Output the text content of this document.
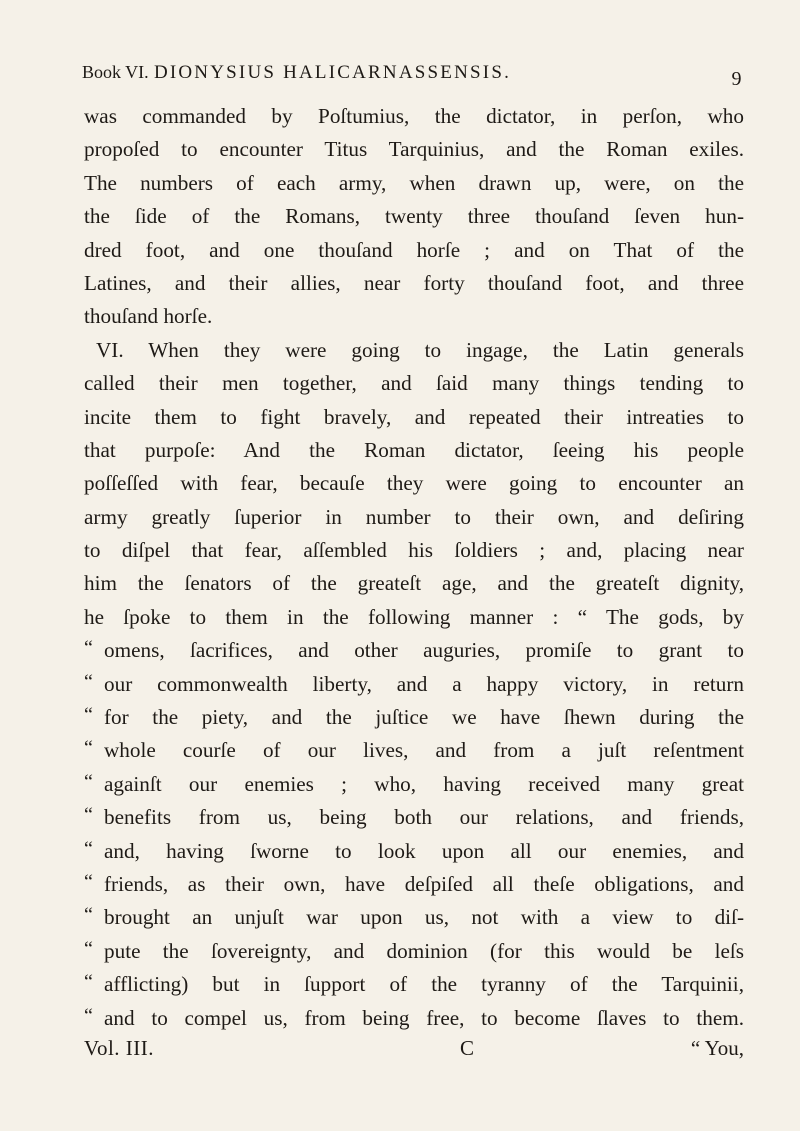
Book VI. DIONYSIUS HALICARNASSENSIS.	9
was commanded by Poſtumius, the dictator, in perſon, who
propoſed to encounter Titus Tarquinius, and the Roman exiles.
The numbers of each army, when drawn up, were, on the
the ſide of the Romans, twenty three thouſand ſeven hun-
dred foot, and one thouſand horſe ; and on That of the
Latines, and their allies, near forty thouſand foot, and three
thouſand horſe.
VI. When they were going to ingage, the Latin generals
called their men together, and ſaid many things tending to
incite them to fight bravely, and repeated their intreaties to
that purpoſe: And the Roman dictator, ſeeing his people
poſſeſſed with fear, becauſe they were going to encounter an
army greatly ſuperior in number to their own, and deſiring
to diſpel that fear, aſſembled his ſoldiers ; and, placing near
him the ſenators of the greateſt age, and the greateſt dignity,
he ſpoke to them in the following manner : “ The gods, by
“ omens, ſacrifices, and other auguries, promiſe to grant to
“ our commonwealth liberty, and a happy victory, in return
“ for the piety, and the juſtice we have ſhewn during the
“ whole courſe of our lives, and from a juſt reſentment
“ againſt our enemies ; who, having received many great
“ benefits from us, being both our relations, and friends,
“ and, having ſworne to look upon all our enemies, and
“ friends, as their own, have deſpiſed all theſe obligations, and
“ brought an unjuſt war upon us, not with a view to diſ-
“ pute the ſovereignty, and dominion (for this would be leſs
“ afflicting) but in ſupport of the tyranny of the Tarquinii,
“ and to compel us, from being free, to become ſlaves to them.
Vol. III.	C	“ You,
